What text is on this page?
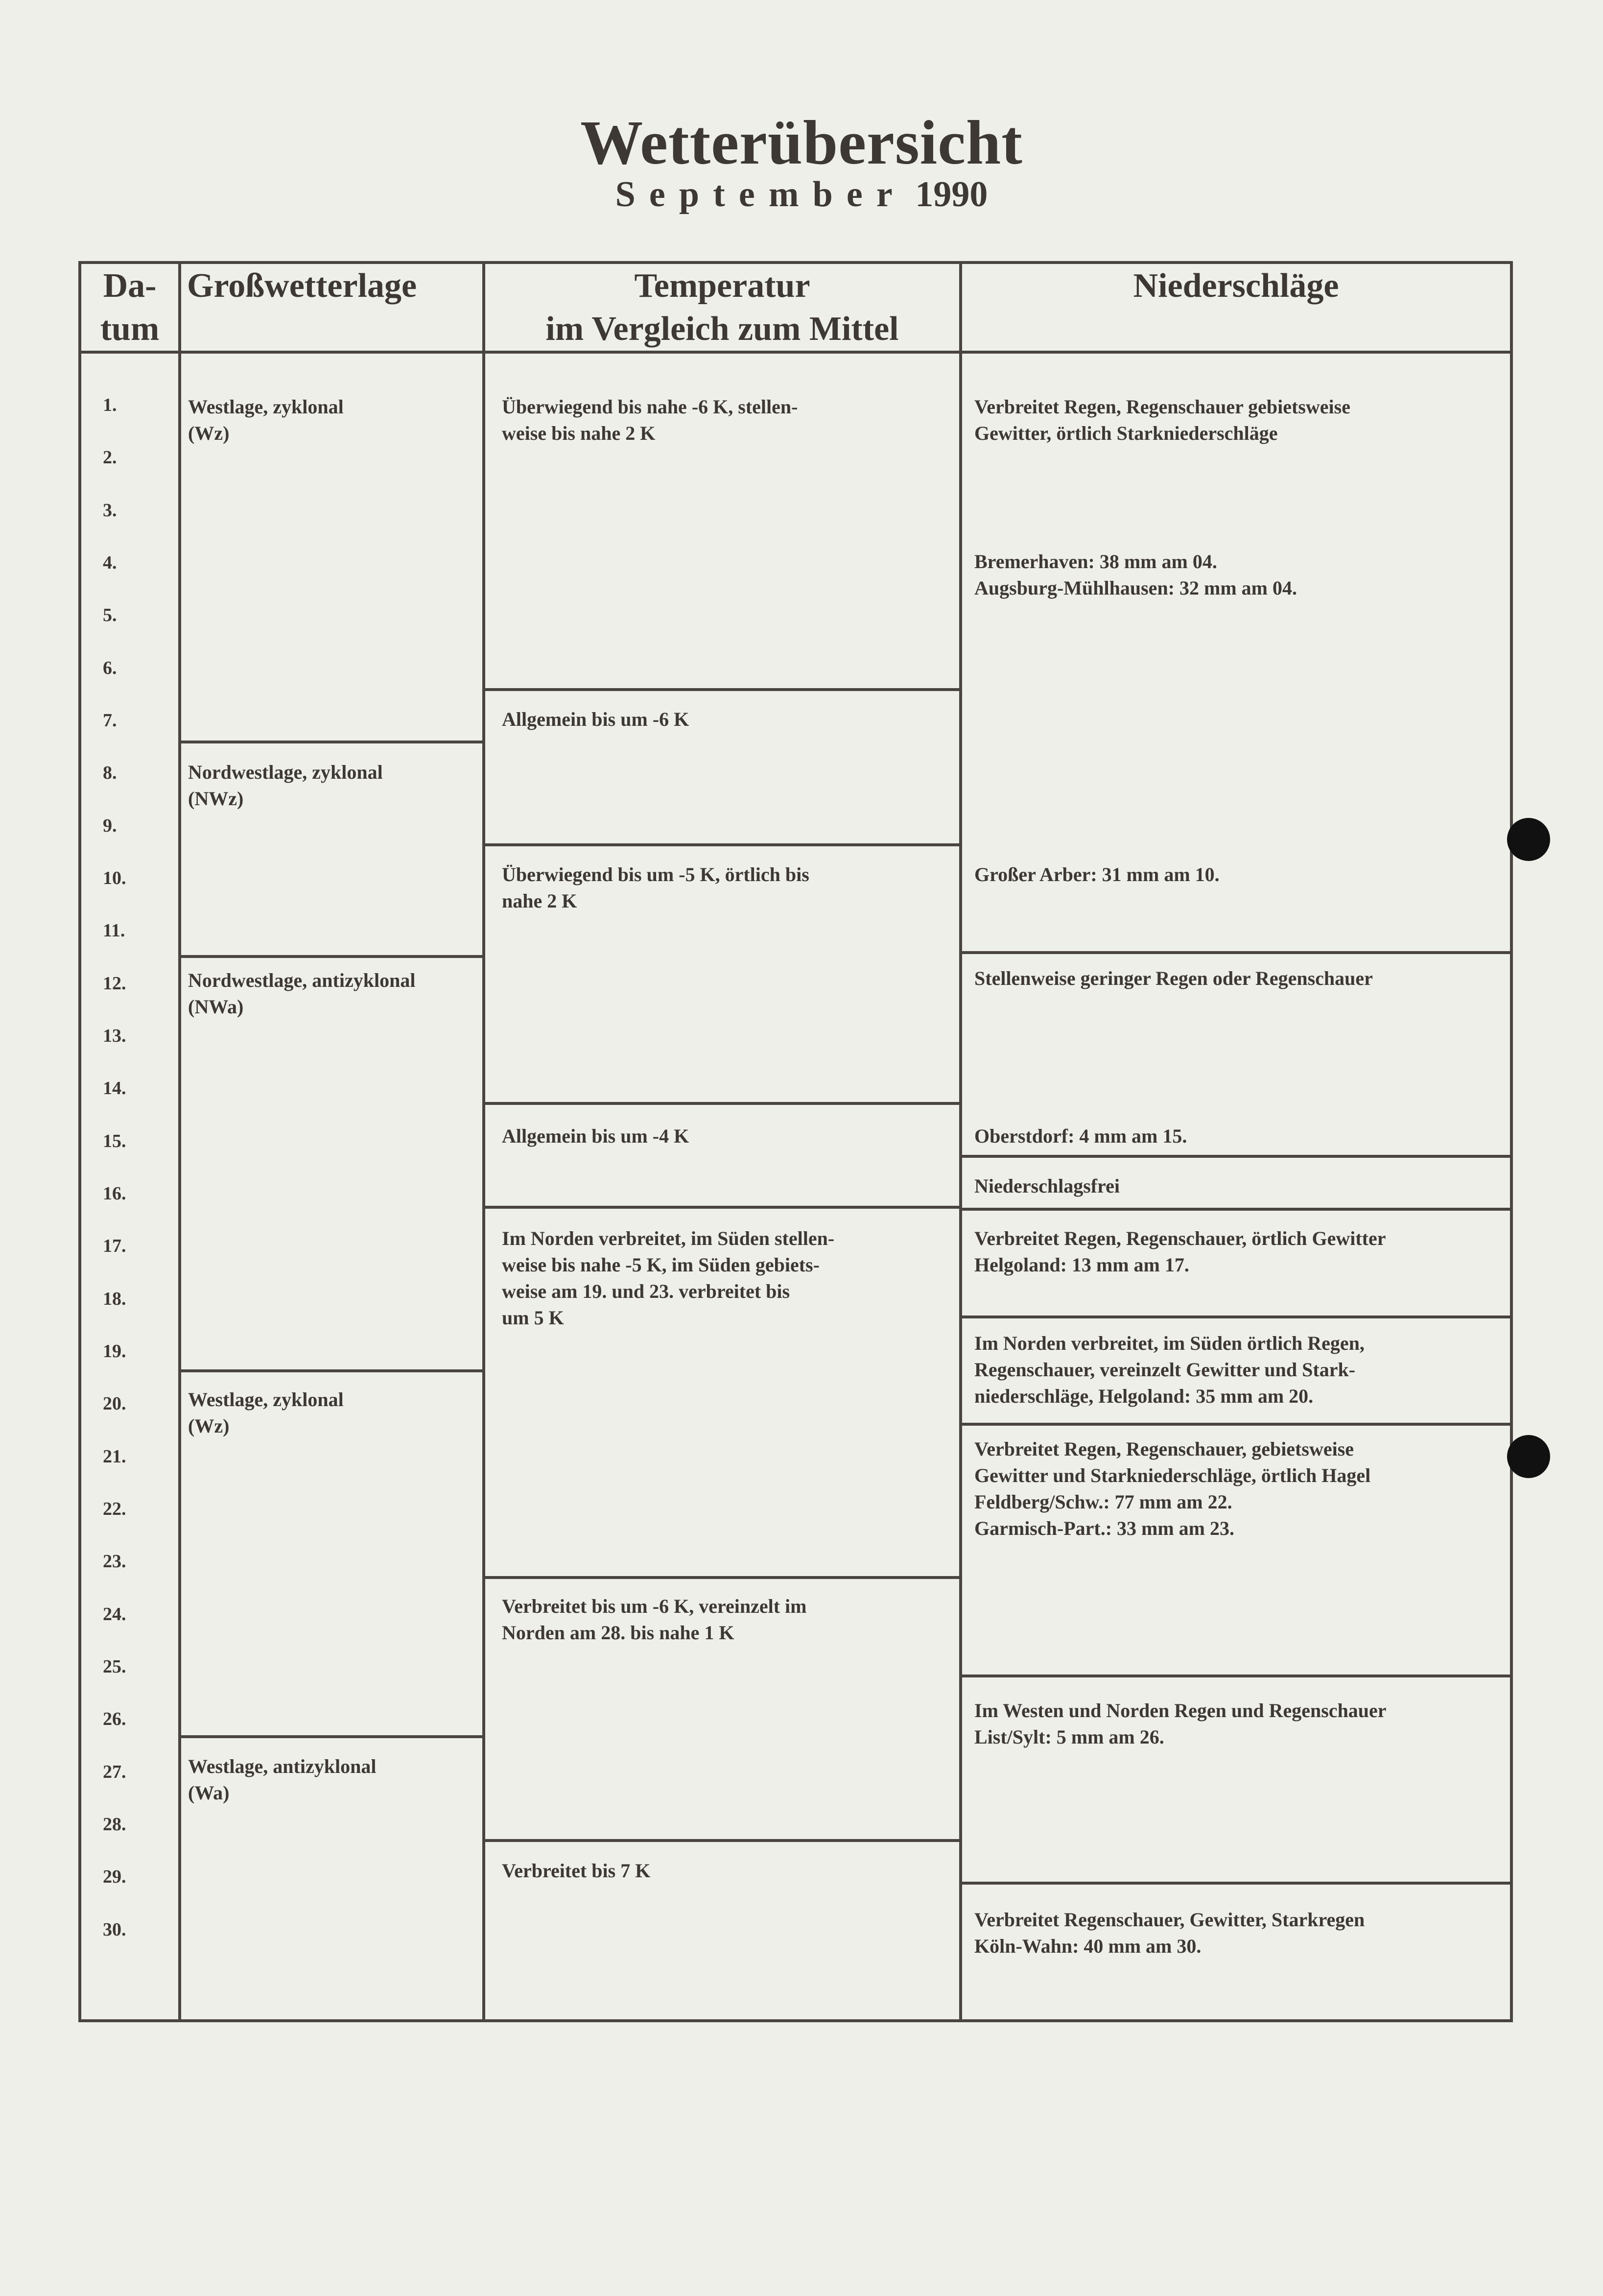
Wetterübersicht
September 1990
Da-
tum
Großwetterlage	Temperatur
im Vergleich zum Mittel
Niederschläge
1.
2.
3.
4.
5.
6.
7.
8.
9.
10.
11.
12.
13.
14.
15.
16.
17.
18.
19.
20.
21.
22.
23.
24.
25.
26.
27.
28.
29.
30.
Westlage, zyklonal
(Wz)
Nordwestlage, zyklonal
(NWz)
Nordwestlage, antizyklonal
(NWa)
Westlage, zyklonal
(Wz)
Westlage, antizyklonal
(Wa)
Überwiegend bis nahe -6 K, stellen-
weise bis nahe 2 K
Allgemein bis um -6 K
Überwiegend bis um -5 K, örtlich bis
nahe 2 K
Allgemein bis um -4 K
Im Norden verbreitet, im Süden stellen-
weise bis nahe -5 K, im Süden gebiets-
weise am 19. und 23. verbreitet bis
um 5 K
Verbreitet bis um -6 K, vereinzelt im
Norden am 28. bis nahe 1 K
Verbreitet bis 7 K
Verbreitet Regen, Regenschauer gebietsweise
Gewitter, örtlich Starkniederschläge
Bremerhaven: 38 mm am 04.
Augsburg-Mühlhausen: 32 mm am 04.
Großer Arber: 31 mm am 10.
Stellenweise geringer Regen oder Regenschauer
Oberstdorf: 4 mm am 15.
Niederschlagsfrei
Verbreitet Regen, Regenschauer, örtlich Gewitter
Helgoland: 13 mm am 17.
Im Norden verbreitet, im Süden örtlich Regen,
Regenschauer, vereinzelt Gewitter und Stark-
niederschläge, Helgoland: 35 mm am 20.
Verbreitet Regen, Regenschauer, gebietsweise
Gewitter und Starkniederschläge, örtlich Hagel
Feldberg/Schw.: 77 mm am 22.
Garmisch-Part.: 33 mm am 23.
Im Westen und Norden Regen und Regenschauer
List/Sylt: 5 mm am 26.
Verbreitet Regenschauer, Gewitter, Starkregen
Köln-Wahn: 40 mm am 30.
